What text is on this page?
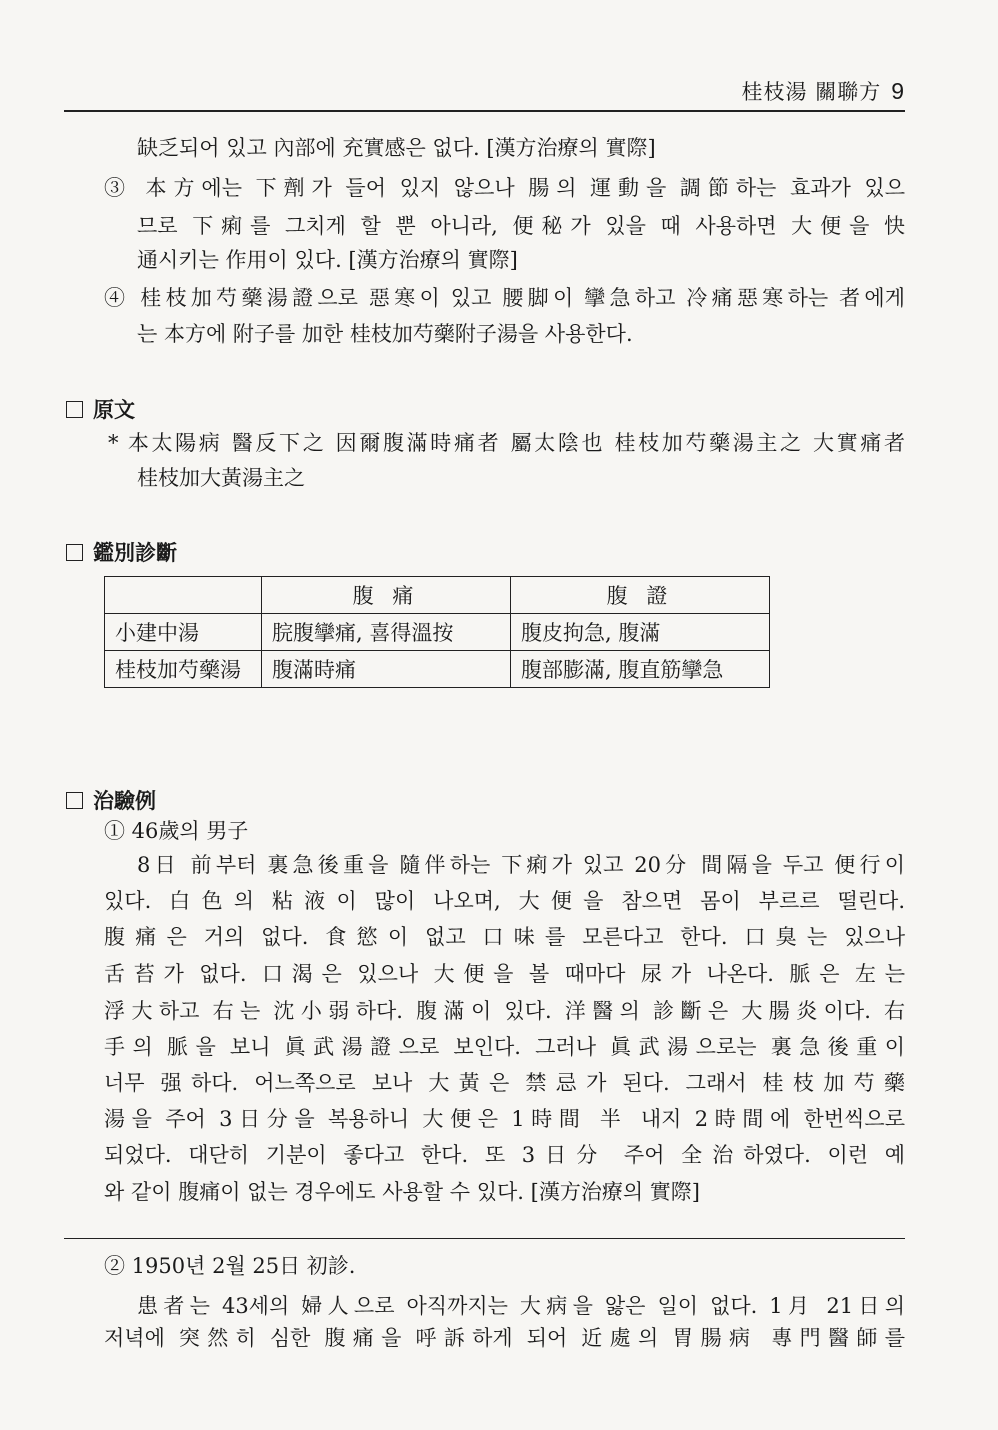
桂枝湯 關聯方 9
缺乏되어 있고 內部에 充實感은 없다. [漢方治療의 實際]
③ 本方에는 下劑가 들어 있지 않으나 腸의 運動을 調節하는 효과가 있으
므로 下痢를 그치게 할 뿐 아니라, 便秘가 있을 때 사용하면 大便을 快
通시키는 作用이 있다. [漢方治療의 實際]
④ 桂枝加芍藥湯證으로 惡寒이 있고 腰脚이 攣急하고 冷痛惡寒하는 者에게
는 本方에 附子를 加한 桂枝加芍藥附子湯을 사용한다.
原文
* 本太陽病 醫反下之 因爾腹滿時痛者 屬太陰也 桂枝加芍藥湯主之 大實痛者
桂枝加大黃湯主之
鑑別診斷
	腹 痛	腹 證
小建中湯	脘腹攣痛, 喜得溫按	腹皮拘急, 腹滿
桂枝加芍藥湯	腹滿時痛	腹部膨滿, 腹直筋攣急
治驗例
① 46歲의 男子
8日 前부터 裏急後重을 隨伴하는 下痢가 있고 20分 間隔을 두고 便行이
있다. 白色의 粘液이 많이 나오며, 大便을 참으면 몸이 부르르 떨린다.
腹痛은 거의 없다. 食慾이 없고 口味를 모른다고 한다. 口臭는 있으나
舌苔가 없다. 口渴은 있으나 大便을 볼 때마다 尿가 나온다. 脈은 左는
浮大하고 右는 沈小弱하다. 腹滿이 있다. 洋醫의 診斷은 大腸炎이다. 右
手의 脈을 보니 眞武湯證으로 보인다. 그러나 眞武湯으로는 裏急後重이
너무 强하다. 어느쪽으로 보나 大黃은 禁忌가 된다. 그래서 桂枝加芍藥
湯을 주어 3日分을 복용하니 大便은 1時間 半 내지 2時間에 한번씩으로
되었다. 대단히 기분이 좋다고 한다. 또 3日分 주어 全治하였다. 이런 예
와 같이 腹痛이 없는 경우에도 사용할 수 있다. [漢方治療의 實際]
② 1950년 2월 25日 初診.
患者는 43세의 婦人으로 아직까지는 大病을 앓은 일이 없다. 1月 21日의
저녁에 突然히 심한 腹痛을 呼訴하게 되어 近處의 胃腸病 專門醫師를
